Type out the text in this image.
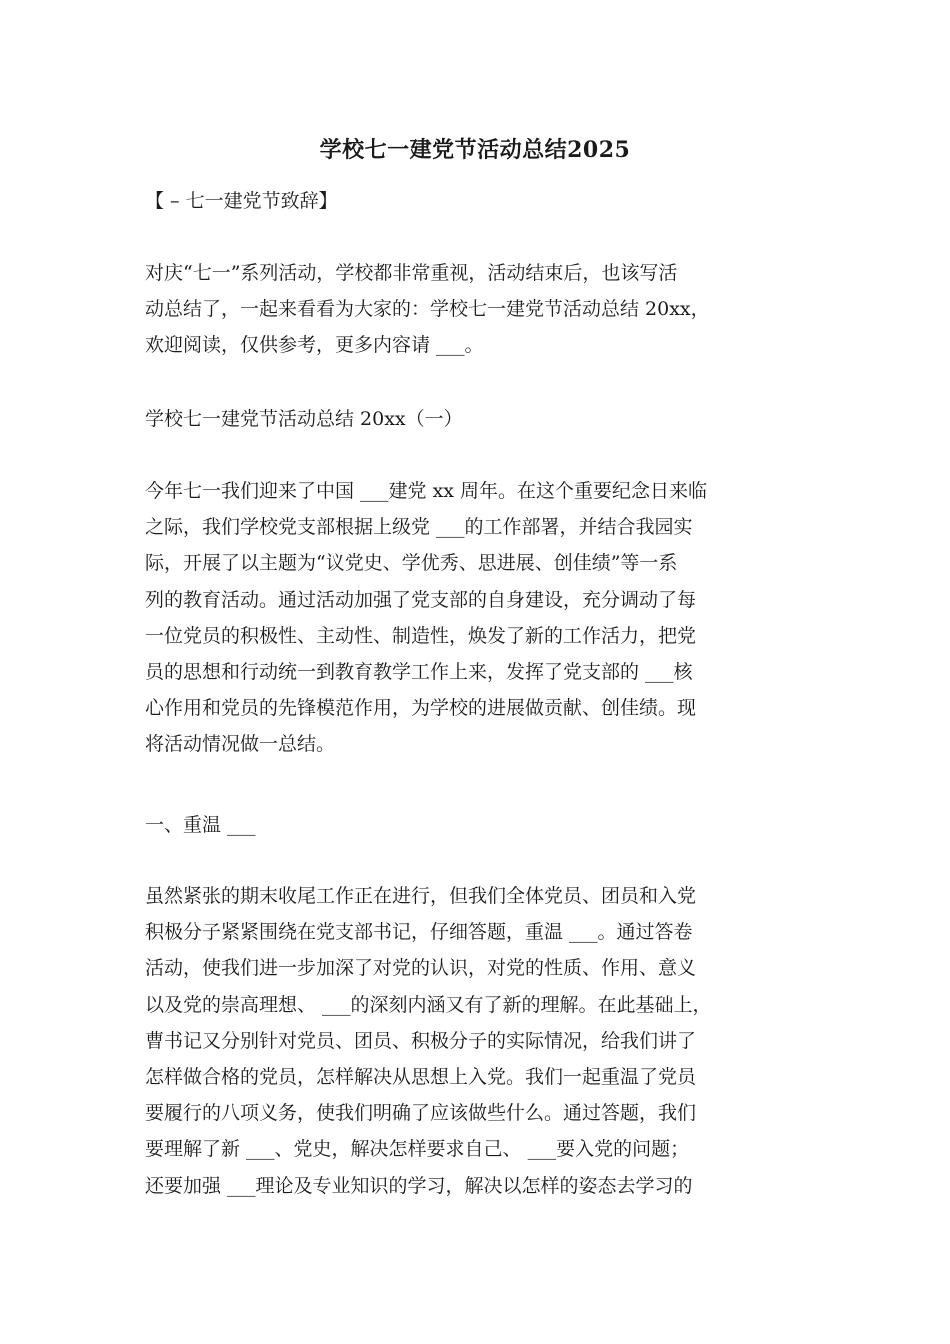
学校七一建党节活动总结2025
【 – 七一建党节致辞】
对庆“七一”系列活动，学校都非常重视，活动结束后，也该写活
动总结了，一起来看看为大家的：学校七一建党节活动总结 20xx，
欢迎阅读，仅供参考，更多内容请 ___。
学校七一建党节活动总结 20xx（一）
今年七一我们迎来了中国 ___建党 xx 周年。在这个重要纪念日来临
之际，我们学校党支部根据上级党 ___的工作部署，并结合我园实
际，开展了以主题为“议党史、学优秀、思进展、创佳绩”等一系
列的教育活动。通过活动加强了党支部的自身建设，充分调动了每
一位党员的积极性、主动性、制造性，焕发了新的工作活力，把党
员的思想和行动统一到教育教学工作上来，发挥了党支部的 ___核
心作用和党员的先锋模范作用，为学校的进展做贡献、创佳绩。现
将活动情况做一总结。
一、重温 ___
虽然紧张的期末收尾工作正在进行，但我们全体党员、团员和入党
积极分子紧紧围绕在党支部书记，仔细答题，重温 ___。通过答卷
活动，使我们进一步加深了对党的认识，对党的性质、作用、意义
以及党的崇高理想、 ___的深刻内涵又有了新的理解。在此基础上，
曹书记又分别针对党员、团员、积极分子的实际情况，给我们讲了
怎样做合格的党员，怎样解决从思想上入党。我们一起重温了党员
要履行的八项义务，使我们明确了应该做些什么。通过答题，我们
要理解了新 ___、党史，解决怎样要求自己、 ___要入党的问题；
还要加强 ___理论及专业知识的学习，解决以怎样的姿态去学习的
